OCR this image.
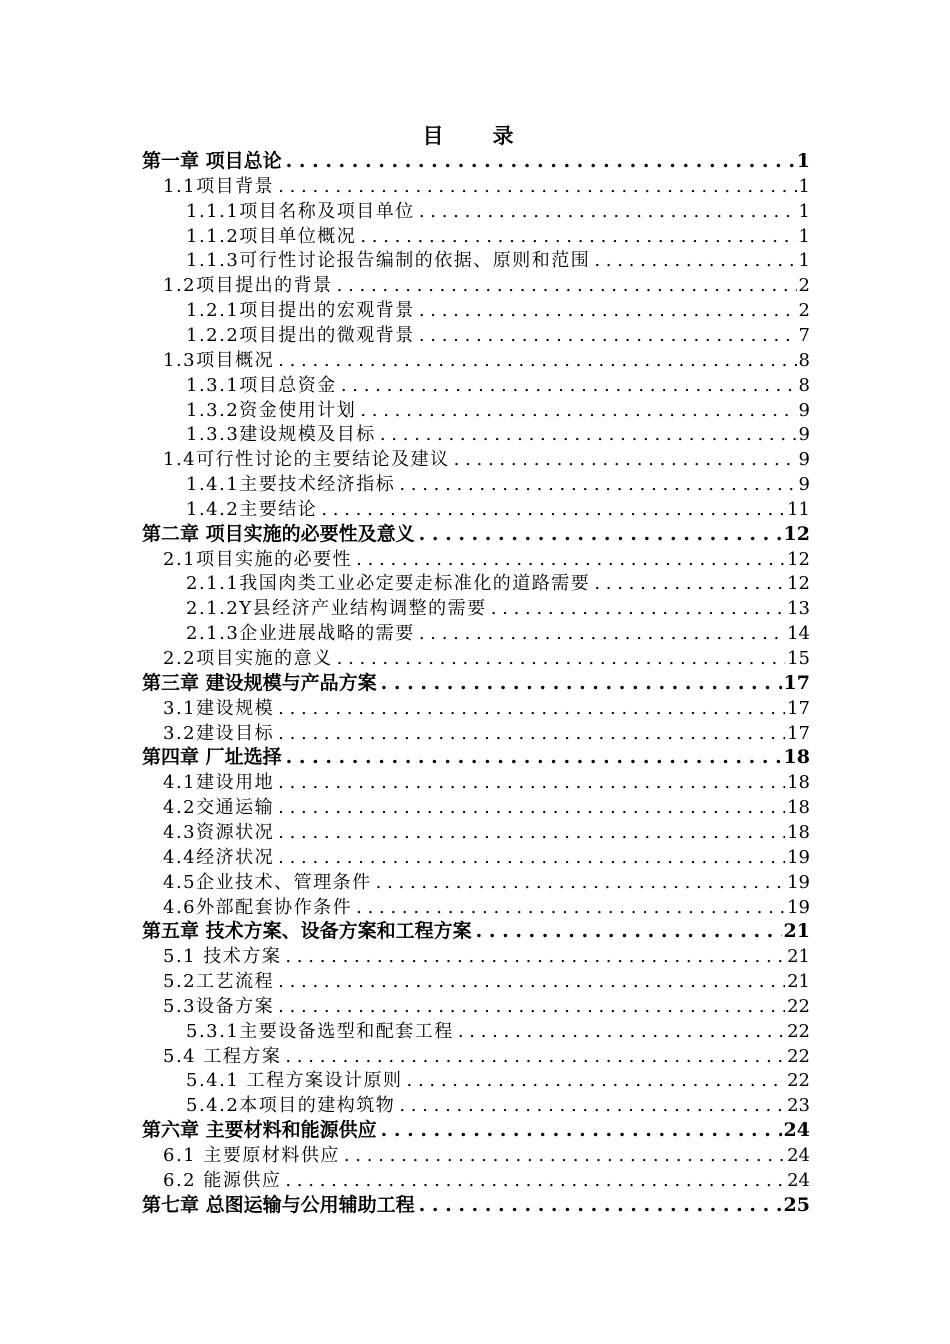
目　录
第一章 项目总论 . . .	1
1.1项目背景 . . .	1
1.1.1项目名称及项目单位 . . .	1
1.1.2项目单位概况 . . .	1
1.1.3可行性讨论报告编制的依据、原则和范围 . . .	1
1.2项目提出的背景 . . .	2
1.2.1项目提出的宏观背景 . . .	2
1.2.2项目提出的微观背景 . . .	7
1.3项目概况 . . .	8
1.3.1项目总资金 . . .	8
1.3.2资金使用计划 . . .	9
1.3.3建设规模及目标 . . .	9
1.4可行性讨论的主要结论及建议 . . .	9
1.4.1主要技术经济指标 . . .	9
1.4.2主要结论 . . .	11
第二章 项目实施的必要性及意义 . . .	12
2.1项目实施的必要性 . . .	12
2.1.1我国肉类工业必定要走标准化的道路需要 . . .	12
2.1.2Y县经济产业结构调整的需要 . . .	13
2.1.3企业进展战略的需要 . . .	14
2.2项目实施的意义 . . .	15
第三章 建设规模与产品方案 . . .	17
3.1建设规模 . . .	17
3.2建设目标 . . .	17
第四章 厂址选择 . . .	18
4.1建设用地 . . .	18
4.2交通运输 . . .	18
4.3资源状况 . . .	18
4.4经济状况 . . .	19
4.5企业技术、管理条件 . . .	19
4.6外部配套协作条件 . . .	19
第五章 技术方案、设备方案和工程方案 . . .	21
5.1 技术方案 . . .	21
5.2工艺流程 . . .	21
5.3设备方案 . . .	22
5.3.1主要设备选型和配套工程 . . .	22
5.4 工程方案 . . .	22
5.4.1 工程方案设计原则 . . .	22
5.4.2本项目的建构筑物 . . .	23
第六章 主要材料和能源供应 . . .	24
6.1 主要原材料供应 . . .	24
6.2 能源供应 . . .	24
第七章 总图运输与公用辅助工程 . . .	25
